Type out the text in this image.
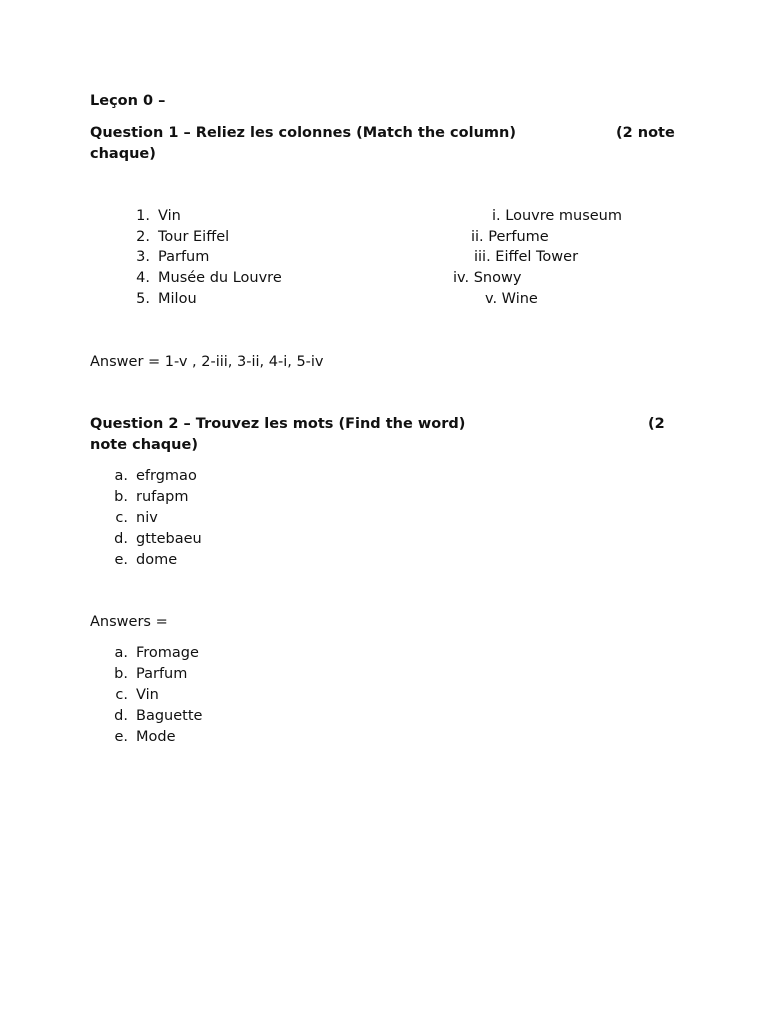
Leçon 0 –
Question 1 – Reliez les colonnes (Match the column)	(2 note
chaque)
1. Vin
2. Tour Eiffel
3. Parfum
4. Musée du Louvre
5. Milou
i. Louvre museum
ii. Perfume
iii. Eiffel Tower
iv. Snowy
v. Wine
Answer = 1-v , 2-iii, 3-ii, 4-i, 5-iv
Question 2 – Trouvez les mots (Find the word)	(2
note chaque)
a. efrgmao
b. rufapm
c. niv
d. gttebaeu
e. dome
Answers =
a. Fromage
b. Parfum
c. Vin
d. Baguette
e. Mode
